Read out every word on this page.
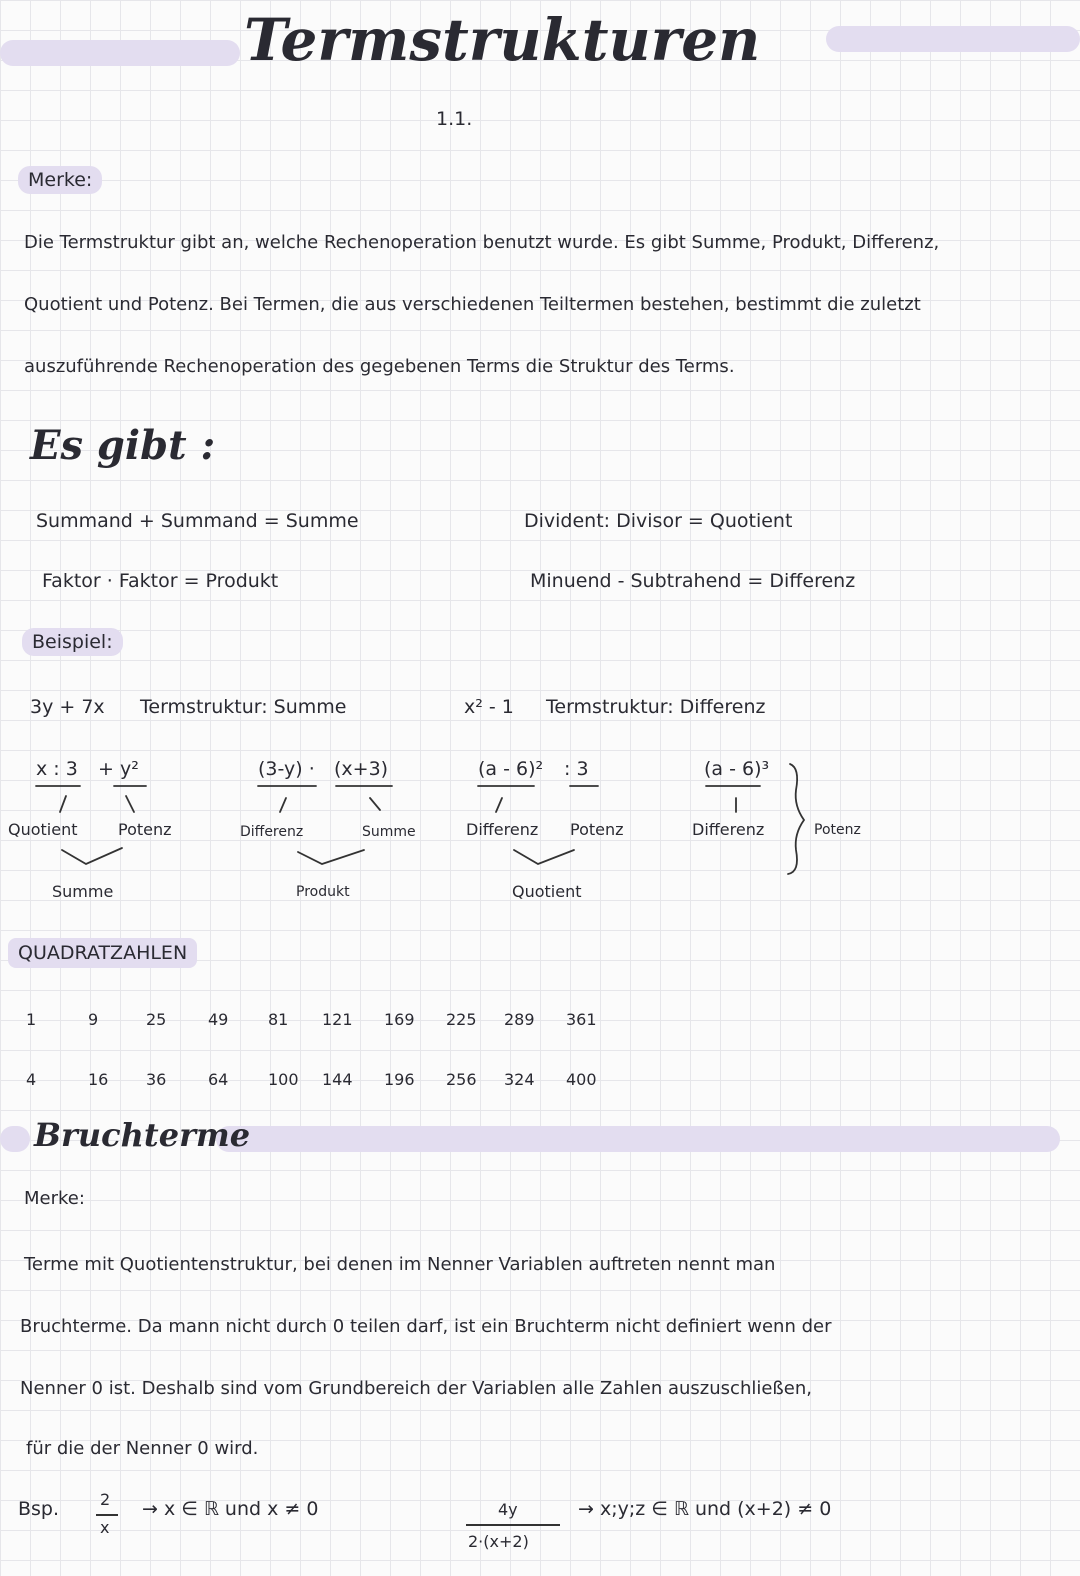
Termstrukturen
1.1.
Merke:
Die Termstruktur gibt an, welche Rechenoperation benutzt wurde. Es gibt Summe, Produkt, Differenz,
Quotient und Potenz. Bei Termen, die aus verschiedenen Teiltermen bestehen, bestimmt die zuletzt
auszuführende Rechenoperation des gegebenen Terms die Struktur des Terms.
Es gibt :
Summand + Summand = Summe
Faktor · Faktor = Produkt
Divident: Divisor = Quotient
Minuend - Subtrahend = Differenz
Beispiel:
3y + 7x Termstruktur: Summe	x² - 1 Termstruktur: Differenz
x : 3 + y²
Quotient	Potenz
Summe
(3-y) · (x+3)
Differenz	Summe
Produkt
(a - 6)² : 3
Differenz Potenz
Quotient
(a - 6)³
Differenz	Potenz
QUADRATZAHLEN
1	9	25	49 81 121 169 225 289 361
4	16 36	64 100 144 196 256 324 400
Bruchterme
Merke:
Terme mit Quotientenstruktur, bei denen im Nenner Variablen auftreten nennt man
Bruchterme. Da mann nicht durch 0 teilen darf, ist ein Bruchterm nicht definiert wenn der
Nenner 0 ist. Deshalb sind vom Grundbereich der Variablen alle Zahlen auszuschließen,
für die der Nenner 0 wird.
Bsp.	2
x
→ x ∈ ℝ und x ≠ 0	4y
2·(x+2)
→ x;y;z ∈ ℝ und (x+2) ≠ 0
